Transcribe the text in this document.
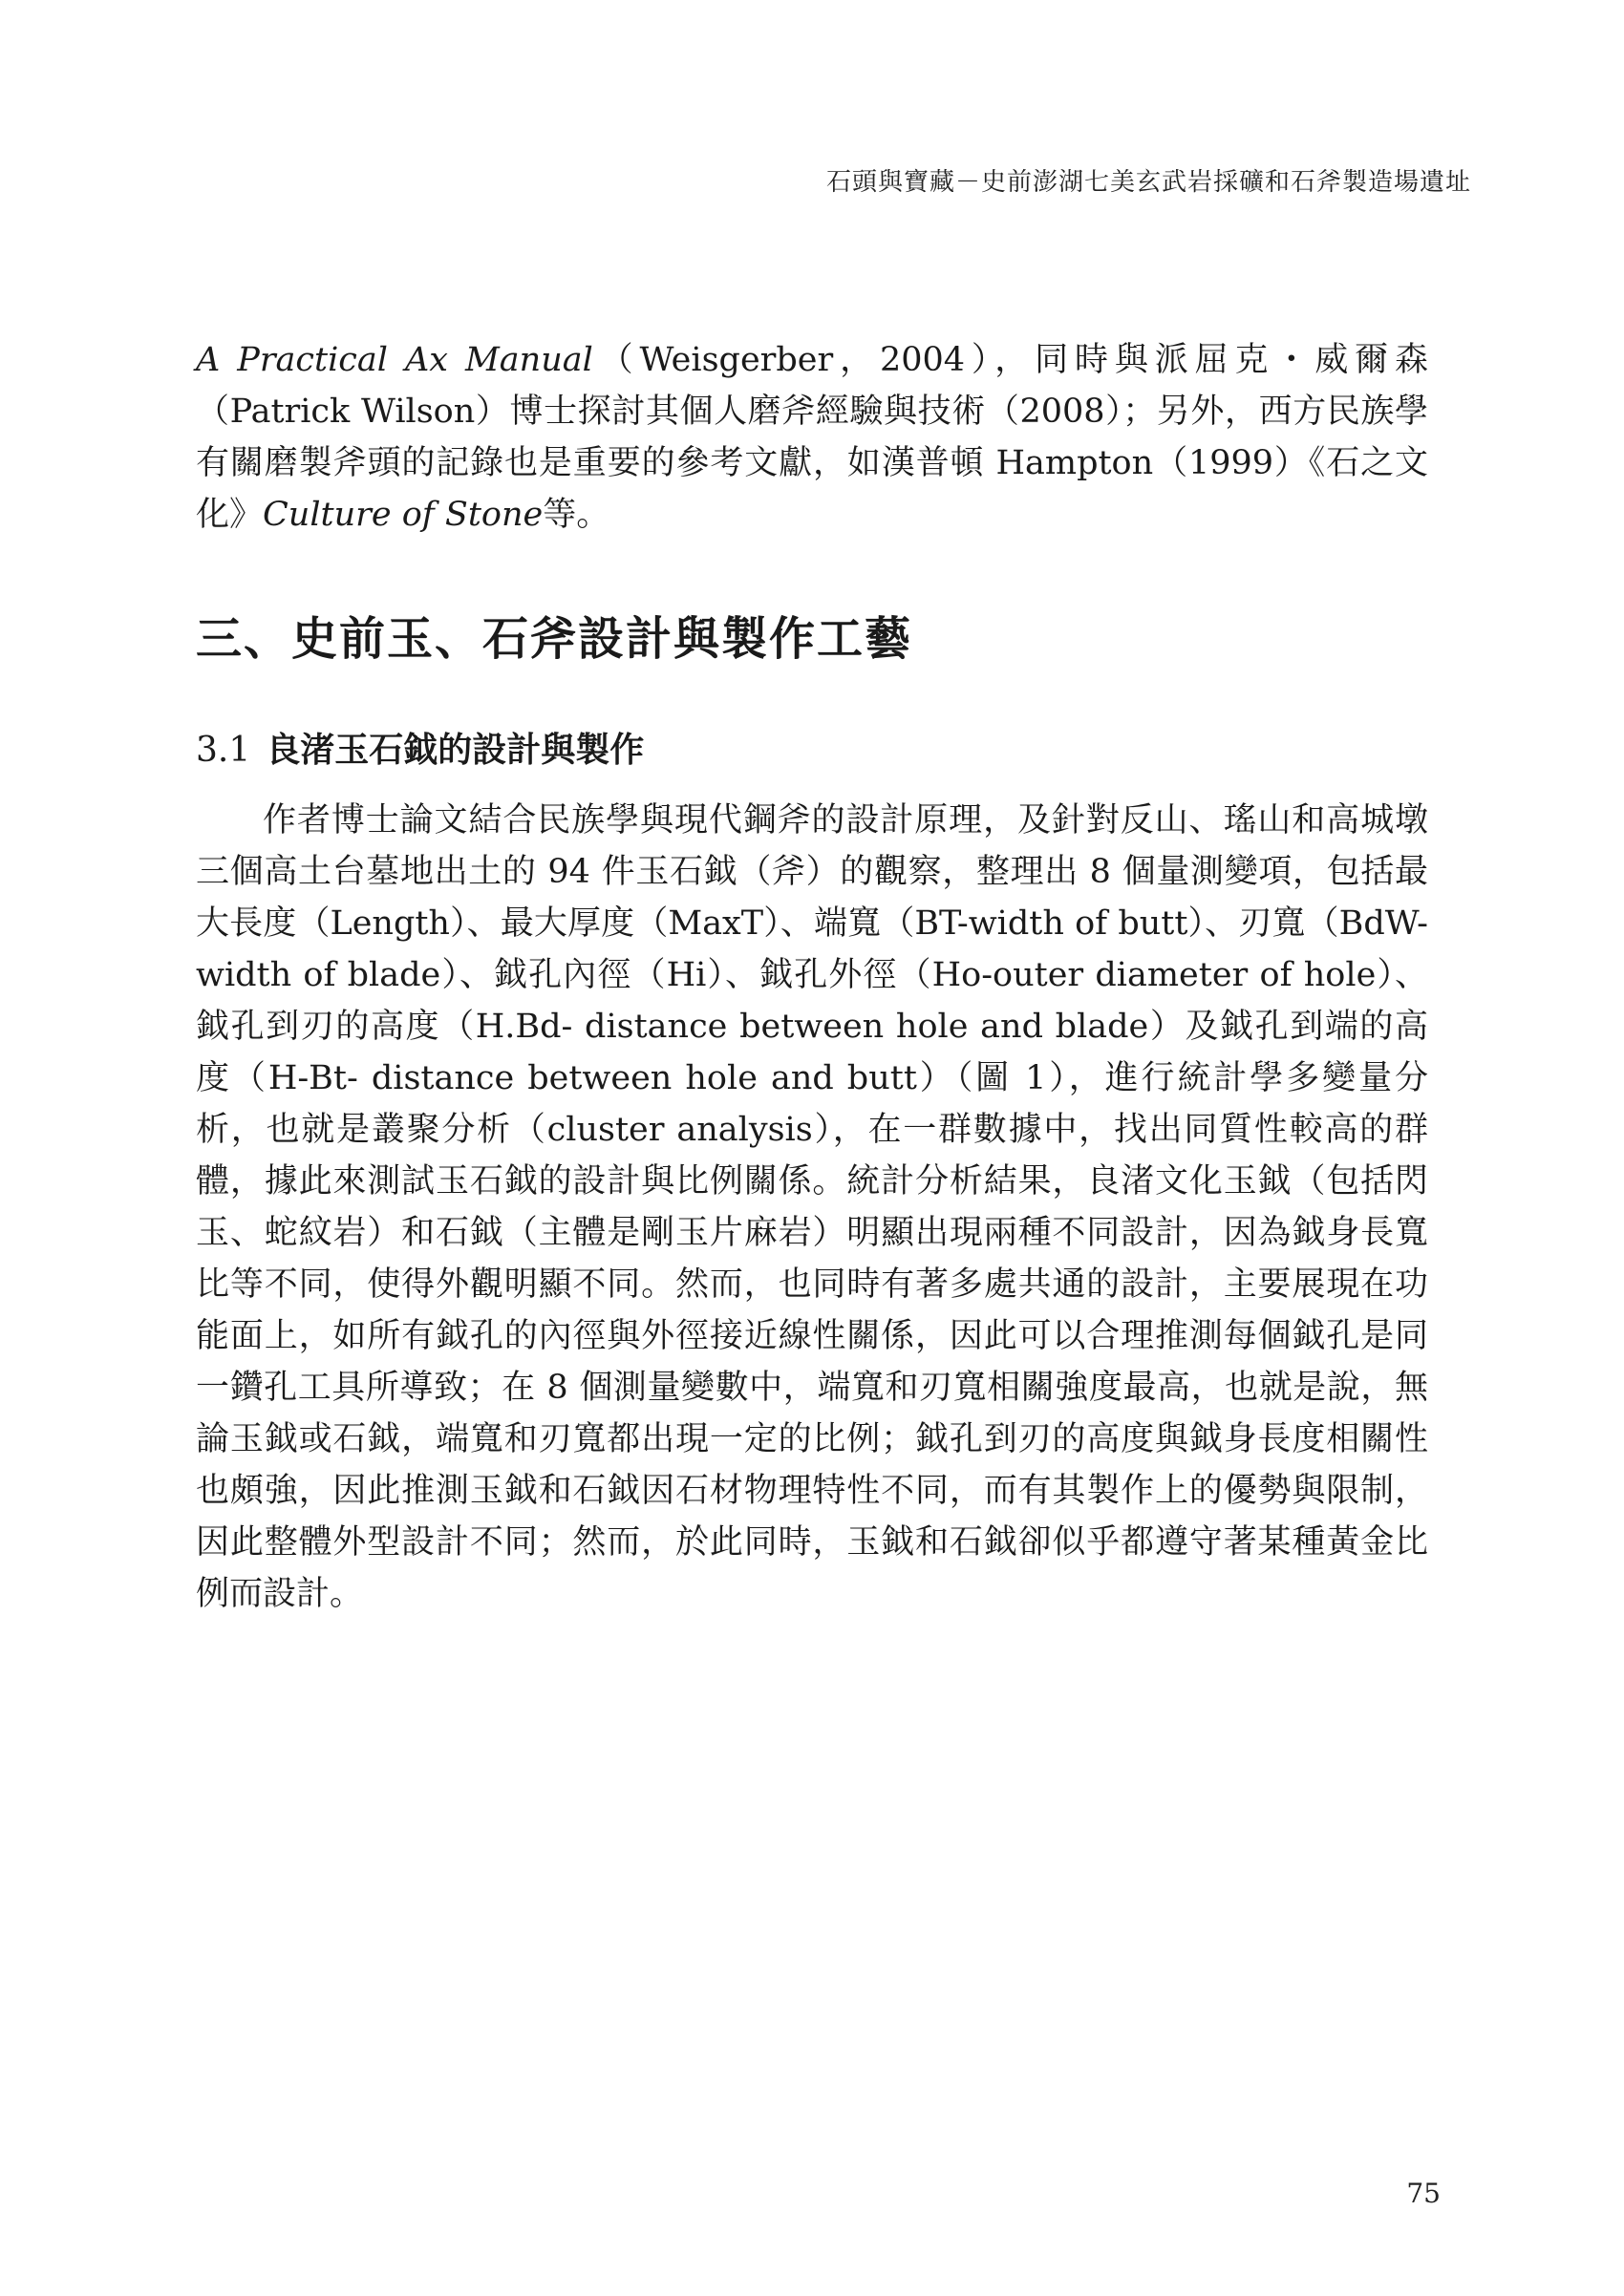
石頭與寶藏－史前澎湖七美玄武岩採礦和石斧製造場遺址

A Practical Ax Manual（Weisgerber，2004），同時與派屈克・威爾森（Patrick Wilson）博士探討其個人磨斧經驗與技術（2008）；另外，西方民族學有關磨製斧頭的記錄也是重要的參考文獻，如漢普頓 Hampton（1999）《石之文化》Culture of Stone等。

三、史前玉、石斧設計與製作工藝
3.1 良渚玉石鉞的設計與製作

作者博士論文結合民族學與現代鋼斧的設計原理，及針對反山、瑤山和高城墩三個高土台墓地出土的 94 件玉石鉞（斧）的觀察，整理出 8 個量測變項，包括最大長度（Length）、最大厚度（MaxT）、端寬（BT-width of butt）、刃寬（BdW- width of blade）、鉞孔內徑（Hi）、鉞孔外徑（Ho-outer diameter of hole）、鉞孔到刃的高度（H.Bd- distance between hole and blade）及鉞孔到端的高度（H-Bt- distance between hole and butt）（圖 1），進行統計學多變量分析，也就是叢聚分析（cluster analysis），在一群數據中，找出同質性較高的群體，據此來測試玉石鉞的設計與比例關係。統計分析結果，良渚文化玉鉞（包括閃玉、蛇紋岩）和石鉞（主體是剛玉片麻岩）明顯出現兩種不同設計，因為鉞身長寬比等不同，使得外觀明顯不同。然而，也同時有著多處共通的設計，主要展現在功能面上，如所有鉞孔的內徑與外徑接近線性關係，因此可以合理推測每個鉞孔是同一鑽孔工具所導致；在 8 個測量變數中，端寬和刃寬相關強度最高，也就是說，無論玉鉞或石鉞，端寬和刃寬都出現一定的比例；鉞孔到刃的高度與鉞身長度相關性也頗強，因此推測玉鉞和石鉞因石材物理特性不同，而有其製作上的優勢與限制，因此整體外型設計不同；然而，於此同時，玉鉞和石鉞卻似乎都遵守著某種黃金比例而設計。

75
